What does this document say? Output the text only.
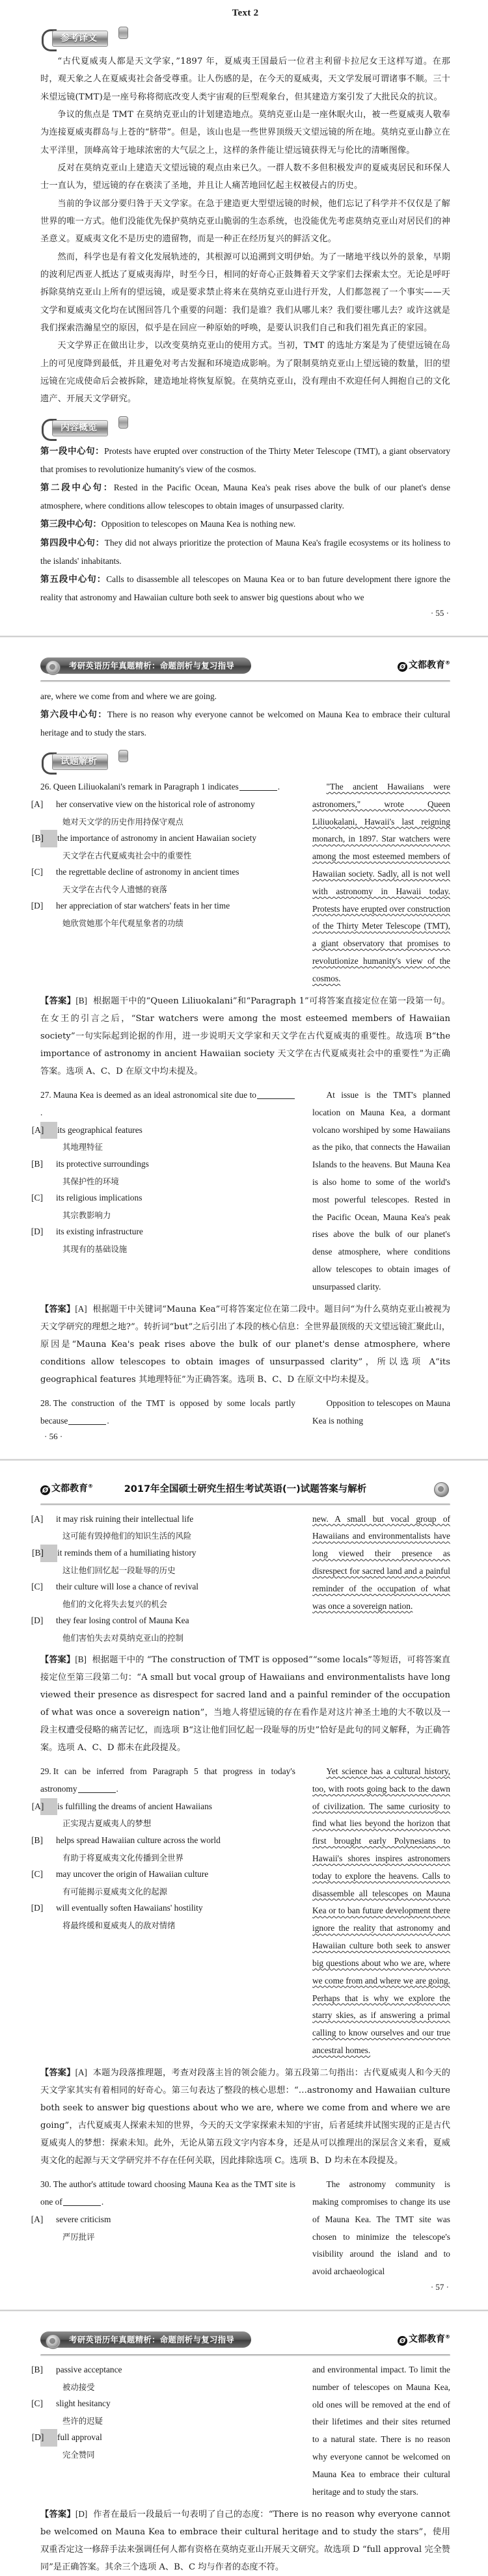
Text 2
参考译文

“古代夏威夷人都是天文学家，”1897 年，夏威夷王国最后一位君主利留卡拉尼女王这样写道。在那时，观天象之人在夏威夷社会备受尊重。让人伤感的是，在今天的夏威夷，天文学发展可谓诸事不顺。三十米望远镜(TMT)是一座号称将彻底改变人类宇宙观的巨型观象台，但其建造方案引发了大批民众的抗议。

争议的焦点是 TMT 在莫纳克亚山的计划建造地点。莫纳克亚山是一座休眠火山，被一些夏威夷人敬奉为连接夏威夷群岛与上苍的“脐带”。但是，该山也是一些世界顶级天文望远镜的所在地。莫纳克亚山静立在太平洋里，顶峰高耸于地球浓密的大气层之上，这样的条件能让望远镜获得无与伦比的清晰图像。

反对在莫纳克亚山上建造天文望远镜的观点由来已久。一群人数不多但积极发声的夏威夷居民和环保人士一直认为，望远镜的存在亵渎了圣地，并且让人痛苦地回忆起主权被侵占的历史。

当前的争议部分要归咎于天文学家。在急于建造更大型望远镜的时候，他们忘记了科学并不仅仅是了解世界的唯一方式。他们没能优先保护莫纳克亚山脆弱的生态系统，也没能优先考虑莫纳克亚山对居民们的神圣意义。夏威夷文化不是历史的遗留物，而是一种正在经历复兴的鲜活文化。

然而，科学也是有着文化发展轨迹的，其根源可以追溯到文明伊始。为了一睹地平线以外的景象，早期的波利尼西亚人抵达了夏威夷海岸，时至今日，相同的好奇心正鼓舞着天文学家们去探索太空。无论是呼吁拆除莫纳克亚山上所有的望远镜，或是要求禁止将来在莫纳克亚山进行开发，人们都忽视了一个事实——天文学和夏威夷文化均在试图回答几个重要的问题：我们是谁？我们从哪儿来？我们要往哪儿去？或许这就是我们探索浩瀚星空的原因，似乎是在回应一种原始的呼唤，是要认识我们自己和我们祖先真正的家园。

天文学界正在做出让步，以改变莫纳克亚山的使用方式。当初，TMT 的选址方案是为了使望远镜在岛上的可见度降到最低，并且避免对考古发掘和环境造成影响。为了限制莫纳克亚山上望远镜的数量，旧的望远镜在完成使命后会被拆除，建造地址将恢复原貌。在莫纳克亚山，没有理由不欢迎任何人拥抱自己的文化遗产、开展天文学研究。

内容概览

第一段中心句：Protests have erupted over construction of the Thirty Meter Telescope (TMT), a giant observatory that promises to revolutionize humanity's view of the cosmos.

第二段中心句：Rested in the Pacific Ocean, Mauna Kea's peak rises above the bulk of our planet's dense atmosphere, where conditions allow telescopes to obtain images of unsurpassed clarity.

第三段中心句：Opposition to telescopes on Mauna Kea is nothing new.

第四段中心句：They did not always prioritize the protection of Mauna Kea's fragile ecosystems or its holiness to the islands' inhabitants.

第五段中心句：Calls to disassemble all telescopes on Mauna Kea or to ban future development there ignore the reality that astronomy and Hawaiian culture both seek to answer big questions about who we

· 55 ·
考研英语历年真题精析：命题剖析与复习指导	Ø 文都教育®

are, where we come from and where we are going.

第六段中心句：There is no reason why everyone cannot be welcomed on Mauna Kea to embrace their cultural heritage and to study the stars.

试题解析

26. Queen Liliuokalani's remark in Paragraph 1 indicates	.

[A] her conservative view on the historical role of astronomy

她对天文学的历史作用持保守观点

[B] the importance of astronomy in ancient Hawaiian society

天文学在古代夏威夷社会中的重要性

[C] the regrettable decline of astronomy in ancient times

天文学在古代令人遗憾的衰落

[D] her appreciation of star watchers' feats in her time

她欣赏她那个年代观星象者的功绩

"The ancient Hawaiians were astronomers," wrote Queen Liliuokalani, Hawaii's last reigning monarch, in 1897. Star watchers were among the most esteemed members of Hawaiian society. Sadly, all is not well with astronomy in Hawaii today. Protests have erupted over construction of the Thirty Meter Telescope (TMT), a giant observatory that promises to revolutionize humanity's view of the cosmos.

【答案】[B] 根据题干中的“Queen Liliuokalani”和“Paragraph 1”可将答案直接定位在第一段第一句。在女王的引言之后，“Star watchers were among the most esteemed members of Hawaiian society”一句实际起到论据的作用，进一步说明天文学家和天文学在古代夏威夷的重要性。故选项 B“the importance of astronomy in ancient Hawaiian society 天文学在古代夏威夷社会中的重要性”为正确答案。选项 A、C、D 在原文中均未提及。

27. Mauna Kea is deemed as an ideal astronomical site due to.

[A] its geographical features

其地理特征

[B] its protective surroundings

其保护性的环境

[C] its religious implications

其宗教影响力

[D] its existing infrastructure

其现有的基础设施

At issue is the TMT's planned location on Mauna Kea, a dormant volcano worshiped by some Hawaiians as the piko, that connects the Hawaiian Islands to the heavens. But Mauna Kea is also home to some of the world's most powerful telescopes. Rested in the Pacific Ocean, Mauna Kea's peak rises above the bulk of our planet's dense atmosphere, where conditions allow telescopes to obtain images of unsurpassed clarity.

【答案】[A] 根据题干中关键词“Mauna Kea”可将答案定位在第二段中。题目问“为什么莫纳克亚山被视为天文学研究的理想之地?”。转折词“but”之后引出了本段的核心信息：全世界最顶级的天文望远镜汇聚此山，原因是“Mauna Kea's peak rises above the bulk of our planet's dense atmosphere, where conditions allow telescopes to obtain images of unsurpassed clarity”，所以选项 A“its geographical features 其地理特征”为正确答案。选项 B、C、D 在原文中均未提及。

28. The construction of the TMT is opposed by some locals partly because	.

Opposition to telescopes on Mauna Kea is nothing

· 56 ·
Ø 文都教育®	2017年全国硕士研究生招生考试英语(一)试题答案与解析

[A] it may risk ruining their intellectual life

这可能有毁掉他们的知识生活的风险

[B] it reminds them of a humiliating history

这让他们回忆起一段耻辱的历史

[C] their culture will lose a chance of revival

他们的文化将失去复兴的机会

[D] they fear losing control of Mauna Kea

他们害怕失去对莫纳克亚山的控制

new. A small but vocal group of Hawaiians and environmentalists have long viewed their presence as disrespect for sacred land and a painful reminder of the occupation of what was once a sovereign nation.

【答案】[B] 根据题干中的 “The construction of TMT is opposed”“some locals”等短语，可将答案直接定位至第三段第二句：“A small but vocal group of Hawaiians and environmentalists have long viewed their presence as disrespect for sacred land and a painful reminder of the occupation of what was once a sovereign nation”，当地人将望远镜的存在看作是对这片神圣土地的大不敬以及一段主权遭受侵略的痛苦记忆，而选项 B“这让他们回忆起一段耻辱的历史”恰好是此句的同义解释，为正确答案。选项 A、C、D 都未在此段提及。

29. It can be inferred from Paragraph 5 that progress in today's astronomy	.

[A] is fulfilling the dreams of ancient Hawaiians

正实现古夏威夷人的梦想

[B] helps spread Hawaiian culture across the world

有助于将夏威夷文化传播到全世界

[C] may uncover the origin of Hawaiian culture

有可能揭示夏威夷文化的起源

[D] will eventually soften Hawaiians' hostility

将最终缓和夏威夷人的敌对情绪

Yet science has a cultural history, too, with roots going back to the dawn of civilization. The same curiosity to find what lies beyond the horizon that first brought early Polynesians to Hawaii's shores inspires astronomers today to explore the heavens. Calls to disassemble all telescopes on Mauna Kea or to ban future development there ignore the reality that astronomy and Hawaiian culture both seek to answer big questions about who we are, where we come from and where we are going. Perhaps that is why we explore the starry skies, as if answering a primal calling to know ourselves and our true ancestral homes.

【答案】[A] 本题为段落推理题，考查对段落主旨的领会能力。第五段第二句指出：古代夏威夷人和今天的天文学家其实有着相同的好奇心。第三句表达了整段的核心思想：“…astronomy and Hawaiian culture both seek to answer big questions about who we are, where we come from and where we are going”，古代夏威夷人探索未知的世界，今天的天文学家探索未知的宇宙，后者延续并试图实现的正是古代夏威夷人的梦想：探索未知。此外，无论从第五段文字内容本身，还是从可以推理出的深层含义来看，夏威夷文化的起源与天文学研究并不存在任何关联，因此排除选项 C。选项 B、D 均未在本段提及。

30. The author's attitude toward choosing Mauna Kea as the TMT site is one of	.

[A] severe criticism

严厉批评

The astronomy community is making compromises to change its use of Mauna Kea. The TMT site was chosen to minimize the telescope's visibility around the island and to avoid archaeological

· 57 ·
考研英语历年真题精析：命题剖析与复习指导	Ø 文都教育®

[B] passive acceptance

被动接受

[C] slight hesitancy

些许的迟疑

[D] full approval

完全赞同

and environmental impact. To limit the number of telescopes on Mauna Kea, old ones will be removed at the end of their lifetimes and their sites returned to a natural state. There is no reason why everyone cannot be welcomed on Mauna Kea to embrace their cultural heritage and to study the stars.

【答案】[D] 作者在最后一段最后一句表明了自己的态度：“There is no reason why everyone cannot be welcomed on Mauna Kea to embrace their cultural heritage and to study the stars”，使用双重否定这一修辞手法来强调任何人都有资格在莫纳克亚山开展天文研究。故选项 D “full approval 完全赞同”是正确答案。其余三个选项 A、B、C 均与作者的态度不符。
